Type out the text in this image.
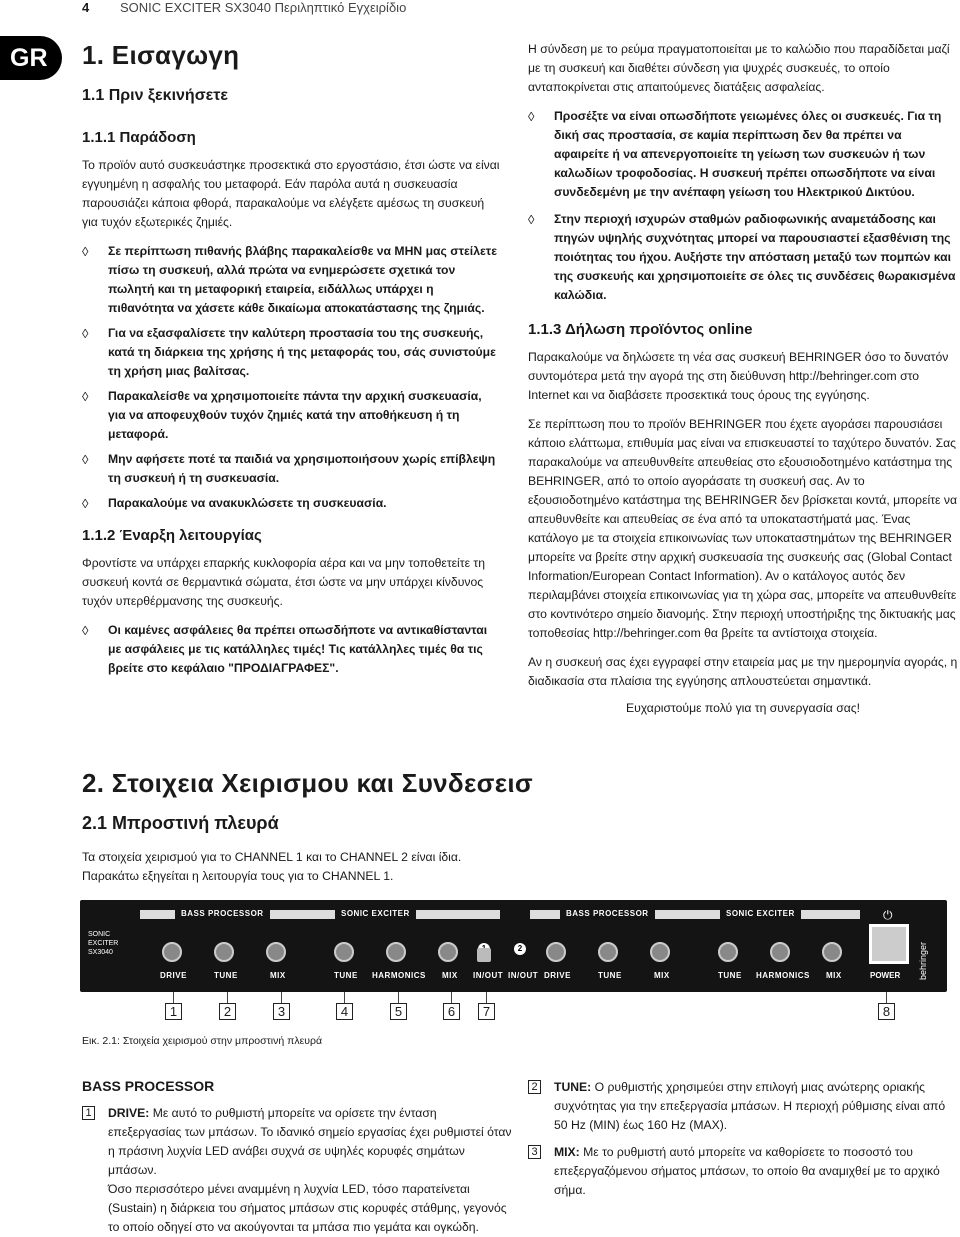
4 SONIC EXCITER SX3040 Περιληπτικό Εγχειρίδιο
GR	1. Εισαγωγη
1.1 Πριν ξεκινήσετε
1.1.1 Παράδοση

Το προϊόν αυτό συσκευάστηκε προσεκτικά στο εργοστάσιο, έτσι ώστε να είναι εγγυημένη η ασφαλής του μεταφορά. Εάν παρόλα αυτά η συσκευασία παρουσιάζει κάποια φθορά, παρακαλούμε να ελέγξετε αμέσως τη συσκευή για τυχόν εξωτερικές ζημιές.

◊ Σε περίπτωση πιθανής βλάβης παρακαλείσθε να ΜΗΝ μας στείλετε πίσω τη συσκευή, αλλά πρώτα να ενημερώσετε σχετικά τον πωλητή και τη μεταφορική εταιρεία, ειδάλλως υπάρχει η πιθανότητα να χάσετε κάθε δικαίωμα αποκατάστασης της ζημιάς.
◊ Για να εξασφαλίσετε την καλύτερη προστασία του της συσκευής, κατά τη διάρκεια της χρήσης ή της μεταφοράς του, σάς συνιστούμε τη χρήση μιας βαλίτσας.
◊ Παρακαλείσθε να χρησιμοποιείτε πάντα την αρχική συσκευασία, για να αποφευχθούν τυχόν ζημιές κατά την αποθήκευση ή τη μεταφορά.
◊ Μην αφήσετε ποτέ τα παιδιά να χρησιμοποιήσουν χωρίς επίβλεψη τη συσκευή ή τη συσκευασία.
◊ Παρακαλούμε να ανακυκλώσετε τη συσκευασία.
1.1.2 Έναρξη λειτουργίας

Φροντίστε να υπάρχει επαρκής κυκλοφορία αέρα και να μην τοποθετείτε τη συσκευή κοντά σε θερμαντικά σώματα, έτσι ώστε να μην υπάρχει κίνδυνος τυχόν υπερθέρμανσης της συσκευής.

◊ Οι καμένες ασφάλειες θα πρέπει οπωσδήποτε να αντικαθίστανται με ασφάλειες με τις κατάλληλες τιμές! Τις κατάλληλες τιμές θα τις βρείτε στο κεφάλαιο "ΠΡΟΔΙΑΓΡΑΦΕΣ".

Η σύνδεση με το ρεύμα πραγματοποιείται με το καλώδιο που παραδίδεται μαζί με τη συσκευή και διαθέτει σύνδεση για ψυχρές συσκευές, το οποίο ανταποκρίνεται στις απαιτούμενες διατάξεις ασφαλείας.

◊ Προσέξτε να είναι οπωσδήποτε γειωμένες όλες οι συσκευές. Για τη δική σας προστασία, σε καμία περίπτωση δεν θα πρέπει να αφαιρείτε ή να απενεργοποιείτε τη γείωση των συσκευών ή των καλωδίων τροφοδοσίας. Η συσκευή πρέπει οπωσδήποτε να είναι συνδεδεμένη με την ανέπαφη γείωση του Ηλεκτρικού Δικτύου.
◊ Στην περιοχή ισχυρών σταθμών ραδιοφωνικής αναμετάδοσης και πηγών υψηλής συχνότητας μπορεί να παρουσιαστεί εξασθένιση της ποιότητας του ήχου. Αυξήστε την απόσταση μεταξύ των πομπών και της συσκευής και χρησιμοποιείτε σε όλες τις συνδέσεις θωρακισμένα καλώδια.
1.1.3 Δήλωση προϊόντος online

Παρακαλούμε να δηλώσετε τη νέα σας συσκευή BEHRINGER όσο το δυνατόν συντομότερα μετά την αγορά της στη διεύθυνση http://behringer.com στο Internet και να διαβάσετε προσεκτικά τους όρους της εγγύησης.

Σε περίπτωση που το προϊόν BEHRINGER που έχετε αγοράσει παρουσιάσει κάποιο ελάττωμα, επιθυμία μας είναι να επισκευαστεί το ταχύτερο δυνατόν. Σας παρακαλούμε να απευθυνθείτε απευθείας στο εξουσιοδοτημένο κατάστημα της BEHRINGER, από το οποίο αγοράσατε τη συσκευή σας. Αν το εξουσιοδοτημένο κατάστημα της BEHRINGER δεν βρίσκεται κοντά, μπορείτε να απευθυνθείτε και απευθείας σε ένα από τα υποκαταστήματά μας. Ένας κατάλογο με τα στοιχεία επικοινωνίας των υποκαταστημάτων της BEHRINGER μπορείτε να βρείτε στην αρχική συσκευασία της συσκευής σας (Global Contact Information/European Contact Information). Αν ο κατάλογος αυτός δεν περιλαμβάνει στοιχεία επικοινωνίας για τη χώρα σας, μπορείτε να απευθυνθείτε στο κοντινότερο σημείο διανομής. Στην περιοχή υποστήριξης της δικτυακής μας τοποθεσίας http://behringer.com θα βρείτε τα αντίστοιχα στοιχεία.

Αν η συσκευή σας έχει εγγραφεί στην εταιρεία μας με την ημερομηνία αγοράς, η διαδικασία στα πλαίσια της εγγύησης απλουστεύεται σημαντικά.

Ευχαριστούμε πολύ για τη συνεργασία σας!

2. Στοιχεια Χειρισμου και Συνδεσεισ
2.1 Μπροστινή πλευρά

Τα στοιχεία χειρισμού για το CHANNEL 1 και το CHANNEL 2 είναι ίδια.

Παρακάτω εξηγείται η λειτουργία τους για το CHANNEL 1.

BASS PROCESSOR	SONIC EXCITER	BASS PROCESSOR	SONIC EXCITER
SONIC
EXCITER
SX3040
DRIVE	TUNE	MIX	TUNE HARMONICS MIX IN/OUT
2
IN/OUT DRIVE	TUNE	MIX	TUNE HARMONICS MIX
⏻
POWER behringer
1	2	3	4	5	6	7	8
Εικ. 2.1: Στοιχεία χειρισμού στην μπροστινή πλευρά
BASS PROCESSOR
1 DRIVE: Με αυτό το ρυθμιστή μπορείτε να ορίσετε την ένταση επεξεργασίας των μπάσων. Το ιδανικό σημείο εργασίας έχει ρυθμιστεί όταν η πράσινη λυχνία LED ανάβει συχνά σε υψηλές κορυφές σημάτων μπάσων.
Όσο περισσότερο μένει αναμμένη η λυχνία LED, τόσο παρατείνεται (Sustain) η διάρκεια του σήματος μπάσων στις κορυφές στάθμης, γεγονός το οποίο οδηγεί στο να ακούγονται τα μπάσα πιο γεμάτα και ογκώδη.
2 TUNE: Ο ρυθμιστής χρησιμεύει στην επιλογή μιας ανώτερης οριακής συχνότητας για την επεξεργασία μπάσων. Η περιοχή ρύθμισης είναι από 50 Hz (MIN) έως 160 Hz (MAX).
3 MIX: Με το ρυθμιστή αυτό μπορείτε να καθορίσετε το ποσοστό του επεξεργαζόμενου σήματος μπάσων, το οποίο θα αναμιχθεί με το αρχικό σήμα.
